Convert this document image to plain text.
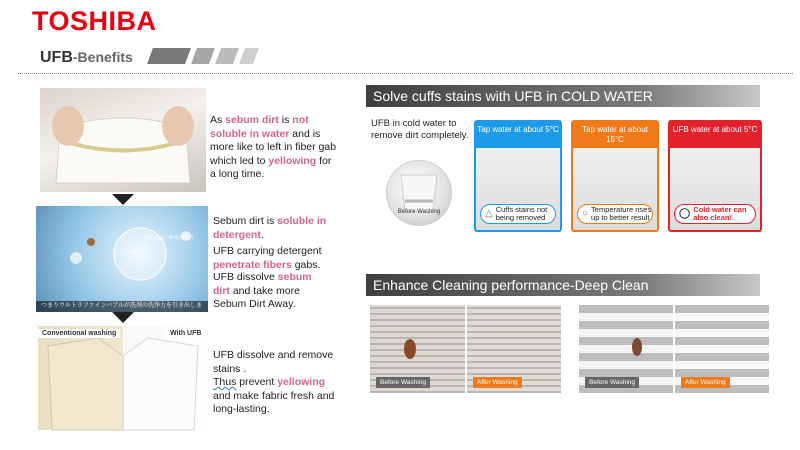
TOSHIBA
UFB-Benefits
ウルトラファインバブル
洗浄成分 / 界面活性剤
つまりウルトラファインバブルが洗剤の洗浄力を引き出します。
Conventional washing	With UFB
As sebum dirt is not soluble in water and is more like to left in fiber gab which led to yellowing for a long time.
Sebum dirt is soluble in detergent.
UFB carrying detergent penetrate fibers gabs.
UFB dissolve sebum dirt and take more Sebum Dirt Away.
UFB dissolve and remove stains .
Thus prevent yellowing and make fabric fresh and long-lasting.
Solve cuffs stains with UFB in COLD WATER
UFB in cold water to remove dirt completely.
Before Washing
Tap water at about 5°C
△ Cuffs stains not being removed
Tap water at about 15°C
○ Temperature rises up to better result
UFB water at about 5°C
◯ Cold water can also clean!
Enhance Cleaning performance-Deep Clean
Before Washing	After Washing	Before Washing	After Washing
